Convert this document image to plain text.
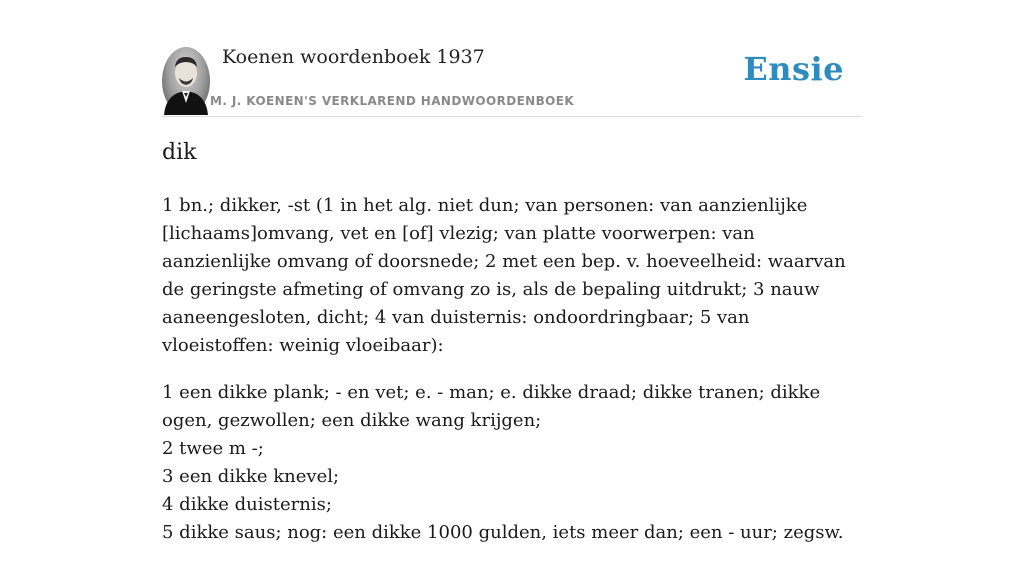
Koenen woordenboek 1937
M. J. KOENEN'S VERKLAREND HANDWOORDENBOEK
Ensie
dik

1 bn.; dikker, -st (1 in het alg. niet dun; van personen: van aanzienlijke [lichaams]omvang, vet en [of] vlezig; van platte voorwerpen: van aanzienlijke omvang of doorsnede; 2 met een bep. v. hoeveelheid: waarvan de geringste afmeting of omvang zo is, als de bepaling uitdrukt; 3 nauw aaneengesloten, dicht; 4 van duisternis: ondoordringbaar; 5 van vloeistoffen: weinig vloeibaar):

1 een dikke plank; - en vet; e. - man; e. dikke draad; dikke tranen; dikke ogen, gezwollen; een dikke wang krijgen;
2 twee m -;
3 een dikke knevel;
4 dikke duisternis;
5 dikke saus; nog: een dikke 1000 gulden, iets meer dan; een - uur; zegsw.
